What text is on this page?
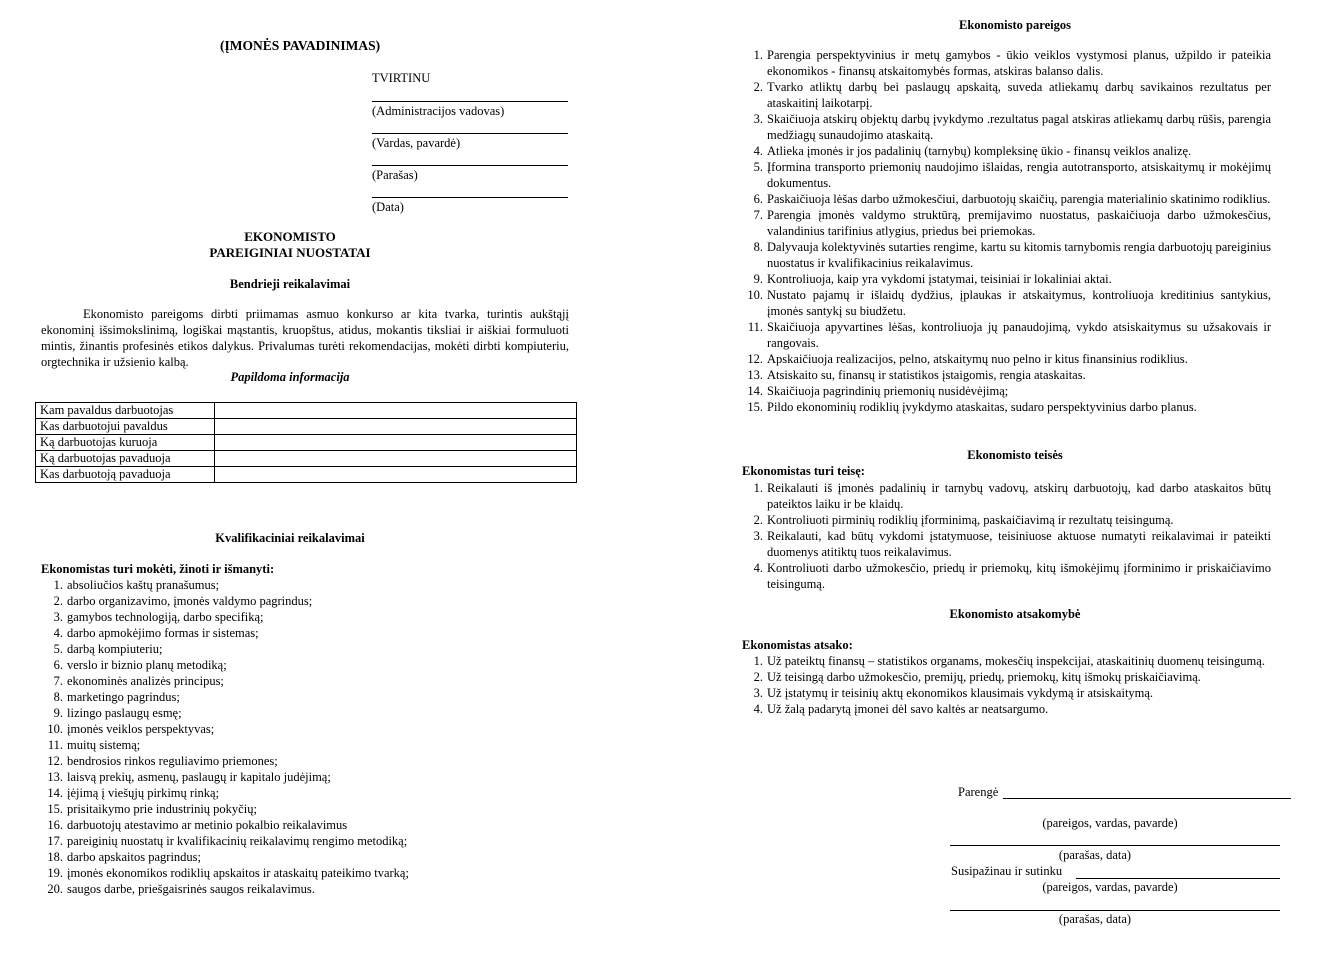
(ĮMONĖS PAVADINIMAS)
TVIRTINU
(Administracijos vadovas)
(Vardas, pavardė)
(Parašas)
(Data)
EKONOMISTO
PAREIGINIAI NUOSTATAI
Bendrieji reikalavimai
Ekonomisto pareigoms dirbti priimamas asmuo konkurso ar kita tvarka, turintis aukštąjį ekonominį išsimokslinimą, logiškai mąstantis, kruopštus, atidus, mokantis tiksliai ir aiškiai formuluoti mintis, žinantis profesinės etikos dalykus. Privalumas turėti rekomendacijas, mokėti dirbti kompiuteriu, orgtechnika ir užsienio kalbą.
Papildoma informacija
Kam pavaldus darbuotojas	
Kas darbuotojui pavaldus	
Ką darbuotojas kuruoja	
Ką darbuotojas pavaduoja	
Kas darbuotoją pavaduoja	
Kvalifikaciniai reikalavimai
Ekonomistas turi mokėti, žinoti ir išmanyti:
1. absoliučios kaštų pranašumus;
2. darbo organizavimo, įmonės valdymo pagrindus;
3. gamybos technologiją, darbo specifiką;
4. darbo apmokėjimo formas ir sistemas;
5. darbą kompiuteriu;
6. verslo ir biznio planų metodiką;
7. ekonominės analizės principus;
8. marketingo pagrindus;
9. lizingo paslaugų esmę;
10. įmonės veiklos perspektyvas;
11. muitų sistemą;
12. bendrosios rinkos reguliavimo priemones;
13. laisvą prekių, asmenų, paslaugų ir kapitalo judėjimą;
14. įėjimą į viešųjų pirkimų rinką;
15. prisitaikymo prie industrinių pokyčių;
16. darbuotojų atestavimo ar metinio pokalbio reikalavimus
17. pareiginių nuostatų ir kvalifikacinių reikalavimų rengimo metodiką;
18. darbo apskaitos pagrindus;
19. įmonės ekonomikos rodiklių apskaitos ir ataskaitų pateikimo tvarką;
20. saugos darbe, priešgaisrinės saugos reikalavimus.
Ekonomisto pareigos
1. Parengia perspektyvinius ir metų gamybos - ūkio veiklos vystymosi planus, užpildo ir pateikia ekonomikos - finansų atskaitomybės formas, atskiras balanso dalis.
2. Tvarko atliktų darbų bei paslaugų apskaitą, suveda atliekamų darbų savikainos rezultatus per ataskaitinį laikotarpį.
3. Skaičiuoja atskirų objektų darbų įvykdymo .rezultatus pagal atskiras atliekamų darbų rūšis, parengia medžiagų sunaudojimo ataskaitą.
4. Atlieka įmonės ir jos padalinių (tarnybų) kompleksinę ūkio - finansų veiklos analizę.
5. Įformina transporto priemonių naudojimo išlaidas, rengia autotransporto, atsiskaitymų ir mokėjimų dokumentus.
6. Paskaičiuoja lėšas darbo užmokesčiui, darbuotojų skaičių, parengia materialinio skatinimo rodiklius.
7. Parengia įmonės valdymo struktūrą, premijavimo nuostatus, paskaičiuoja darbo užmokesčius, valandinius tarifinius atlygius, priedus bei priemokas.
8. Dalyvauja kolektyvinės sutarties rengime, kartu su kitomis tarnybomis rengia darbuotojų pareiginius nuostatus ir kvalifikacinius reikalavimus.
9. Kontroliuoja, kaip yra vykdomi įstatymai, teisiniai ir lokaliniai aktai.
10. Nustato pajamų ir išlaidų dydžius, įplaukas ir atskaitymus, kontroliuoja kreditinius santykius, įmonės santykį su biudžetu.
11. Skaičiuoja apyvartines lėšas, kontroliuoja jų panaudojimą, vykdo atsiskaitymus su užsakovais ir rangovais.
12. Apskaičiuoja realizacijos, pelno, atskaitymų nuo pelno ir kitus finansinius rodiklius.
13. Atsiskaito su, finansų ir statistikos įstaigomis, rengia ataskaitas.
14. Skaičiuoja pagrindinių priemonių nusidėvėjimą;
15. Pildo ekonominių rodiklių įvykdymo ataskaitas, sudaro perspektyvinius darbo planus.
Ekonomisto teisės
Ekonomistas turi teisę:
1. Reikalauti iš įmonės padalinių ir tarnybų vadovų, atskirų darbuotojų, kad darbo ataskaitos būtų pateiktos laiku ir be klaidų.
2. Kontroliuoti pirminių rodiklių įforminimą, paskaičiavimą ir rezultatų teisingumą.
3. Reikalauti, kad būtų vykdomi įstatymuose, teisiniuose aktuose numatyti reikalavimai ir pateikti duomenys atitiktų tuos reikalavimus.
4. Kontroliuoti darbo užmokesčio, priedų ir priemokų, kitų išmokėjimų įforminimo ir priskaičiavimo teisingumą.
Ekonomisto atsakomybė
Ekonomistas atsako:
1. Už pateiktų finansų – statistikos organams, mokesčių inspekcijai, ataskaitinių duomenų teisingumą.
2. Už teisingą darbo užmokesčio, premijų, priedų, priemokų, kitų išmokų priskaičiavimą.
3. Už įstatymų ir teisinių aktų ekonomikos klausimais vykdymą ir atsiskaitymą.
4. Už žalą padarytą įmonei dėl savo kaltės ar neatsargumo.
Parengė
(pareigos, vardas, pavarde)
(parašas, data)
Susipažinau ir sutinku
(pareigos, vardas, pavarde)
(parašas, data)
